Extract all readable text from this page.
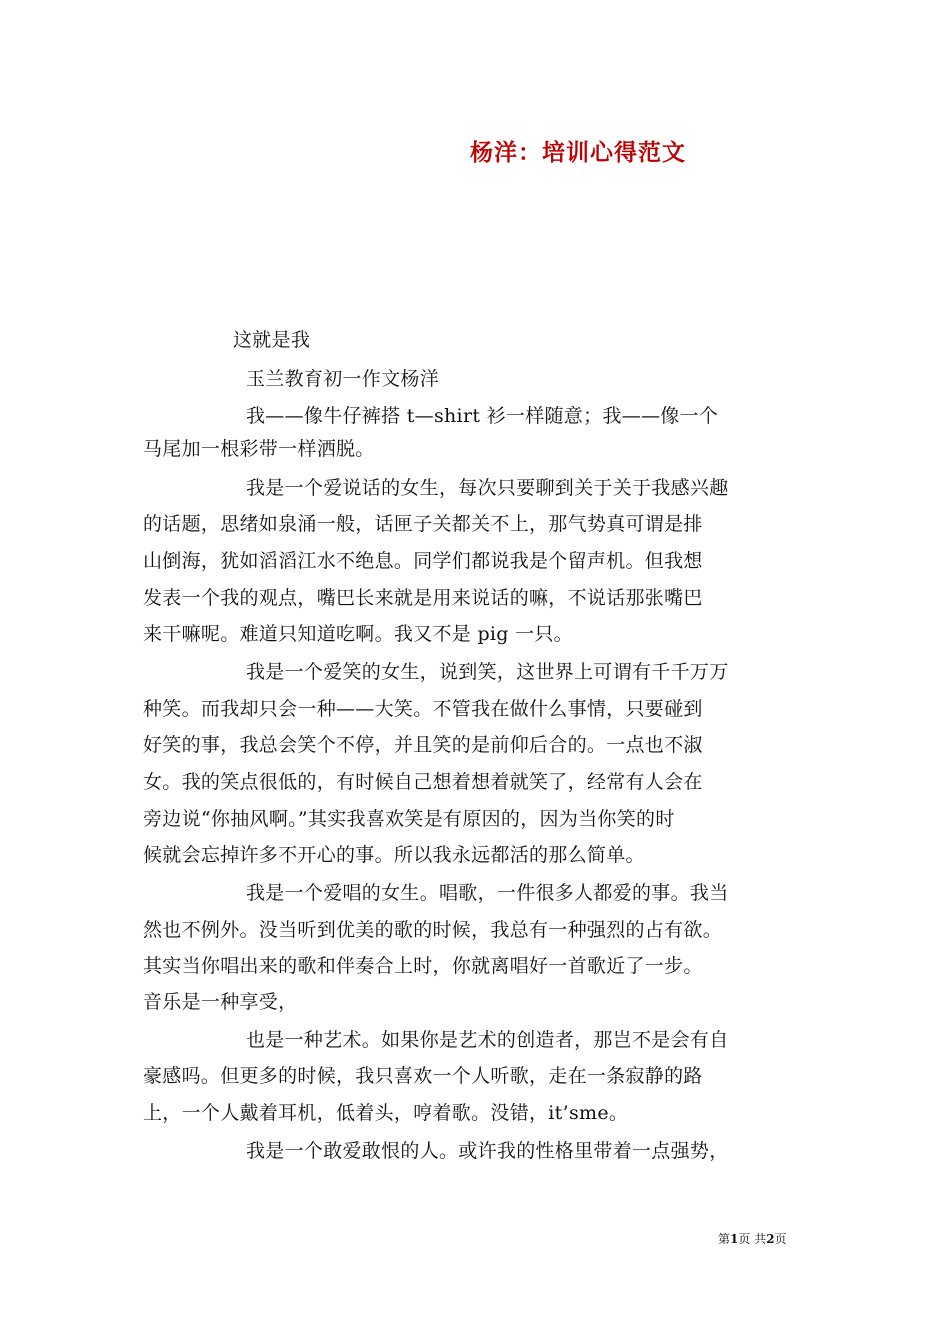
杨洋：培训心得范文
这就是我
玉兰教育初一作文杨洋
我——像牛仔裤搭 t—shirt 衫一样随意；我——像一个
马尾加一根彩带一样洒脱。
我是一个爱说话的女生，每次只要聊到关于关于我感兴趣
的话题，思绪如泉涌一般，话匣子关都关不上，那气势真可谓是排
山倒海，犹如滔滔江水不绝息。同学们都说我是个留声机。但我想
发表一个我的观点，嘴巴长来就是用来说话的嘛，不说话那张嘴巴
来干嘛呢。难道只知道吃啊。我又不是 pig 一只。
我是一个爱笑的女生，说到笑，这世界上可谓有千千万万
种笑。而我却只会一种——大笑。不管我在做什么事情，只要碰到
好笑的事，我总会笑个不停，并且笑的是前仰后合的。一点也不淑
女。我的笑点很低的，有时候自己想着想着就笑了，经常有人会在
旁边说“你抽风啊。”其实我喜欢笑是有原因的，因为当你笑的时
候就会忘掉许多不开心的事。所以我永远都活的那么简单。
我是一个爱唱的女生。唱歌，一件很多人都爱的事。我当
然也不例外。没当听到优美的歌的时候，我总有一种强烈的占有欲。
其实当你唱出来的歌和伴奏合上时，你就离唱好一首歌近了一步。
音乐是一种享受，
也是一种艺术。如果你是艺术的创造者，那岂不是会有自
豪感吗。但更多的时候，我只喜欢一个人听歌，走在一条寂静的路
上，一个人戴着耳机，低着头，哼着歌。没错，it’sme。
我是一个敢爱敢恨的人。或许我的性格里带着一点强势，
第1页 共2页
